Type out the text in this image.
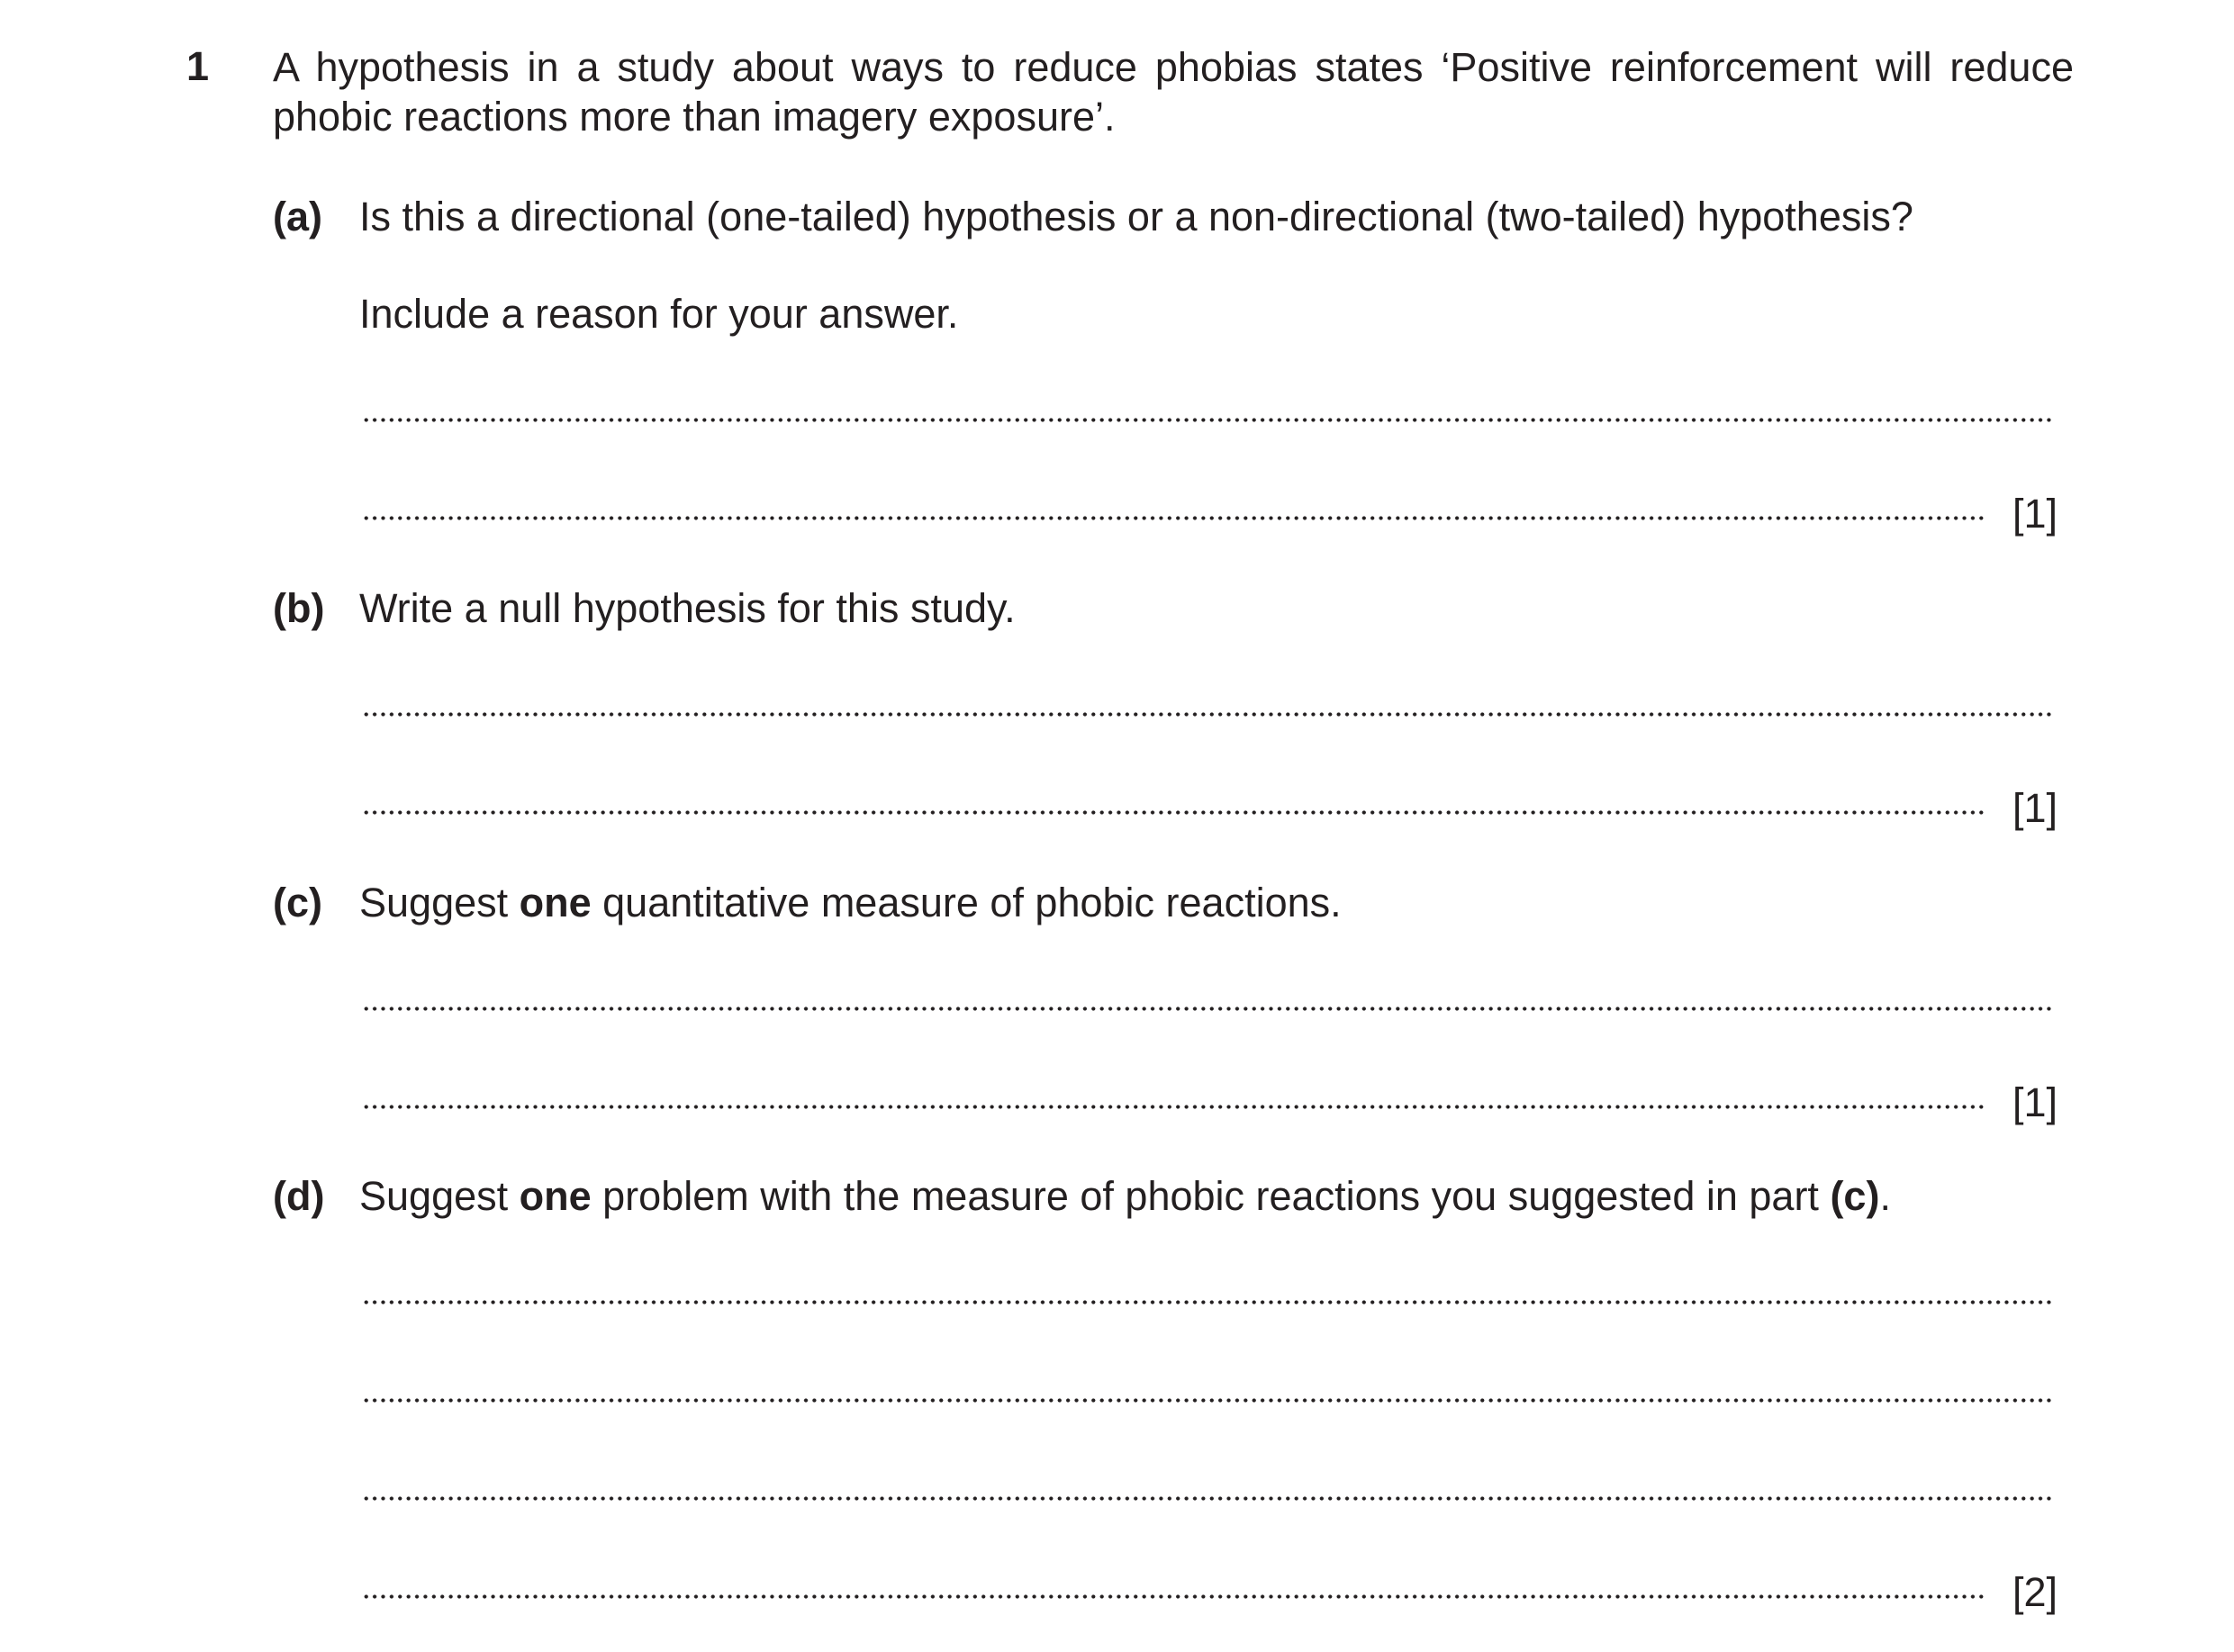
1 A hypothesis in a study about ways to reduce phobias states ‘Positive reinforcement will reduce phobic reactions more than imagery exposure’.
(a) Is this a directional (one-tailed) hypothesis or a non-directional (two-tailed) hypothesis?
Include a reason for your answer.
[1]
(b) Write a null hypothesis for this study.
[1]
(c) Suggest one quantitative measure of phobic reactions.
[1]
(d) Suggest one problem with the measure of phobic reactions you suggested in part (c).
[2]
